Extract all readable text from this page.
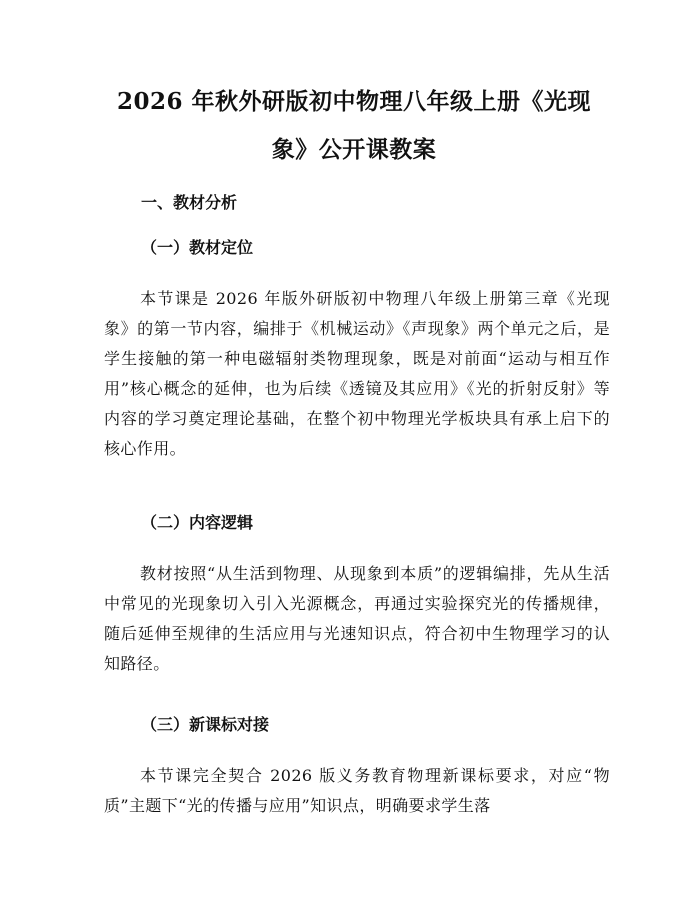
2026 年秋外研版初中物理八年级上册《光现象》公开课教案
一、教材分析
（一）教材定位

本节课是 2026 年版外研版初中物理八年级上册第三章《光现象》的第一节内容，编排于《机械运动》《声现象》两个单元之后，是学生接触的第一种电磁辐射类物理现象，既是对前面“运动与相互作用”核心概念的延伸，也为后续《透镜及其应用》《光的折射反射》等内容的学习奠定理论基础，在整个初中物理光学板块具有承上启下的核心作用。

（二）内容逻辑

教材按照“从生活到物理、从现象到本质”的逻辑编排，先从生活中常见的光现象切入引入光源概念，再通过实验探究光的传播规律，随后延伸至规律的生活应用与光速知识点，符合初中生物理学习的认知路径。

（三）新课标对接

本节课完全契合 2026 版义务教育物理新课标要求，对应“物质”主题下“光的传播与应用”知识点，明确要求学生落
